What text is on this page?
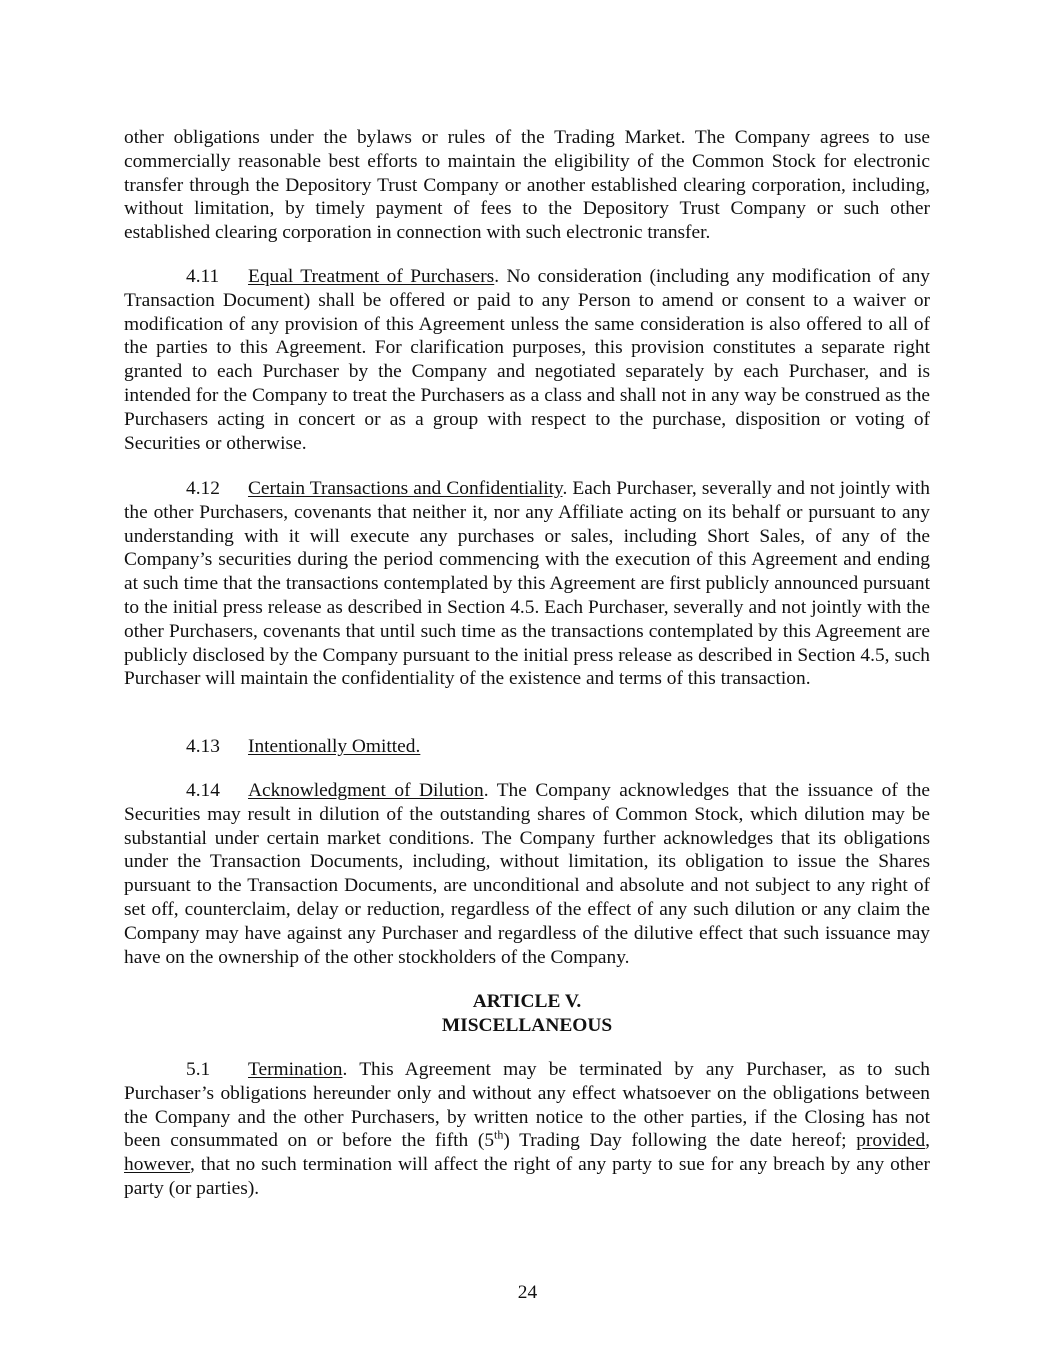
other obligations under the bylaws or rules of the Trading Market. The Company agrees to use commercially reasonable best efforts to maintain the eligibility of the Common Stock for electronic transfer through the Depository Trust Company or another established clearing corporation, including, without limitation, by timely payment of fees to the Depository Trust Company or such other established clearing corporation in connection with such electronic transfer.

4.11 Equal Treatment of Purchasers. No consideration (including any modification of any Transaction Document) shall be offered or paid to any Person to amend or consent to a waiver or modification of any provision of this Agreement unless the same consideration is also offered to all of the parties to this Agreement. For clarification purposes, this provision constitutes a separate right granted to each Purchaser by the Company and negotiated separately by each Purchaser, and is intended for the Company to treat the Purchasers as a class and shall not in any way be construed as the Purchasers acting in concert or as a group with respect to the purchase, disposition or voting of Securities or otherwise.

4.12 Certain Transactions and Confidentiality. Each Purchaser, severally and not jointly with the other Purchasers, covenants that neither it, nor any Affiliate acting on its behalf or pursuant to any understanding with it will execute any purchases or sales, including Short Sales, of any of the Company’s securities during the period commencing with the execution of this Agreement and ending at such time that the transactions contemplated by this Agreement are first publicly announced pursuant to the initial press release as described in Section 4.5. Each Purchaser, severally and not jointly with the other Purchasers, covenants that until such time as the transactions contemplated by this Agreement are publicly disclosed by the Company pursuant to the initial press release as described in Section 4.5, such Purchaser will maintain the confidentiality of the existence and terms of this transaction.

4.13 Intentionally Omitted.

4.14 Acknowledgment of Dilution. The Company acknowledges that the issuance of the Securities may result in dilution of the outstanding shares of Common Stock, which dilution may be substantial under certain market conditions. The Company further acknowledges that its obligations under the Transaction Documents, including, without limitation, its obligation to issue the Shares pursuant to the Transaction Documents, are unconditional and absolute and not subject to any right of set off, counterclaim, delay or reduction, regardless of the effect of any such dilution or any claim the Company may have against any Purchaser and regardless of the dilutive effect that such issuance may have on the ownership of the other stockholders of the Company.

ARTICLE V.

MISCELLANEOUS

5.1 Termination. This Agreement may be terminated by any Purchaser, as to such Purchaser’s obligations hereunder only and without any effect whatsoever on the obligations between the Company and the other Purchasers, by written notice to the other parties, if the Closing has not been consummated on or before the fifth (5th) Trading Day following the date hereof; provided, however, that no such termination will affect the right of any party to sue for any breach by any other party (or parties).

24
